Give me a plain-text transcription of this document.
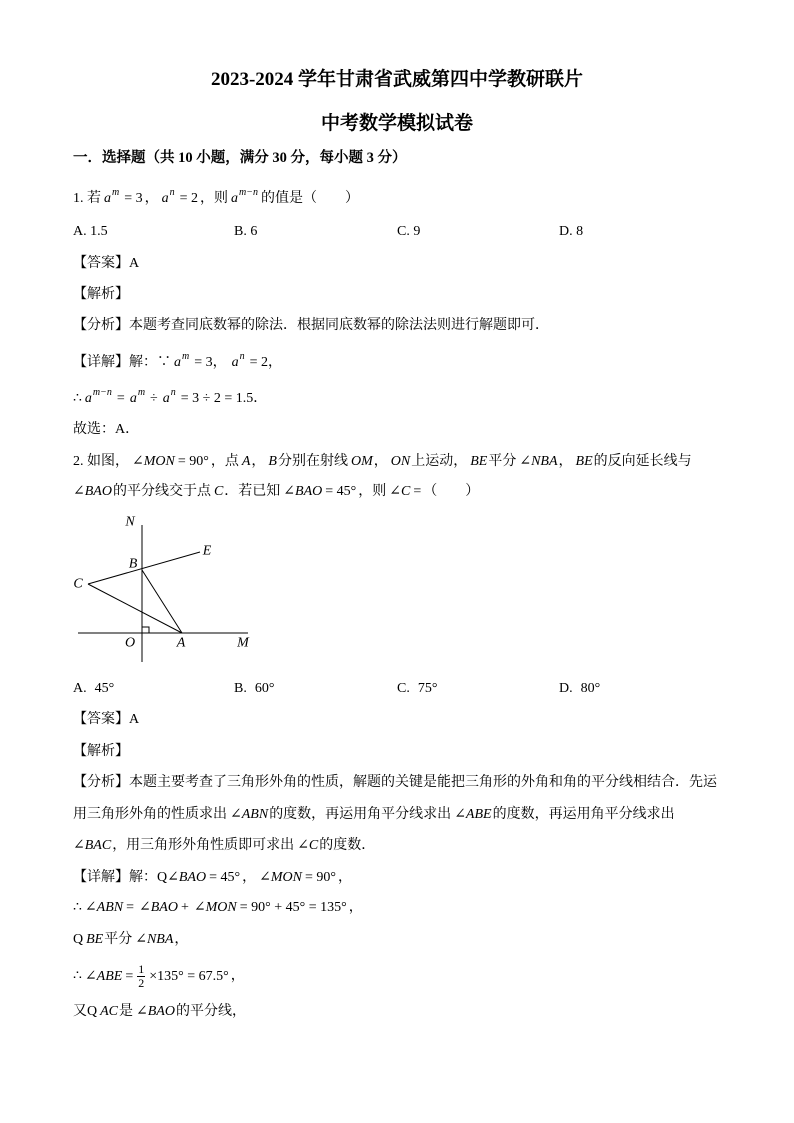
2023-2024 学年甘肃省武威第四中学教研联片
中考数学模拟试卷
一．选择题（共 10 小题，满分 30 分，每小题 3 分）
1. 若 $a^m = 3$ ， $a^n = 2$ ，则 $a^{m-n}$ 的值是（　　）
A. 1.5	B. 6	C. 9	D. 8
【答案】A
【解析】
【分析】本题考查同底数幂的除法．根据同底数幂的除法法则进行解题即可．
【详解】解：∵ $a^m = 3$， $a^n = 2$，
∴ $a^{m-n} = a^m \div a^n = 3 \div 2 = 1.5$．
故选：A．
2. 如图， ∠MON = 90° ，点 A， B分别在射线 OM， ON上运动， BE平分 ∠NBA， BE的反向延长线与
∠BAO的平分线交于点 C．若已知 ∠BAO = 45° ，则 ∠C = （　　）
N
B
E
C
O	A	M
A. 45°	B. 60°	C. 75°	D. 80°
【答案】A
【解析】
【分析】本题主要考查了三角形外角的性质，解题的关键是能把三角形的外角和角的平分线相结合．先运
用三角形外角的性质求出 ∠ABN的度数，再运用角平分线求出 ∠ABE的度数，再运用角平分线求出
∠BAC，用三角形外角性质即可求出 ∠C的度数．
【详解】解：Q∠BAO = 45° ， ∠MON = 90° ，
∴ ∠ABN = ∠BAO + ∠MON = 90° + 45° = 135° ，
Q BE平分 ∠NBA，
∴ ∠ABE = $\frac{1}{2} \times 135^\circ = 67.5^\circ$ ，
又Q AC是 ∠BAO的平分线，
